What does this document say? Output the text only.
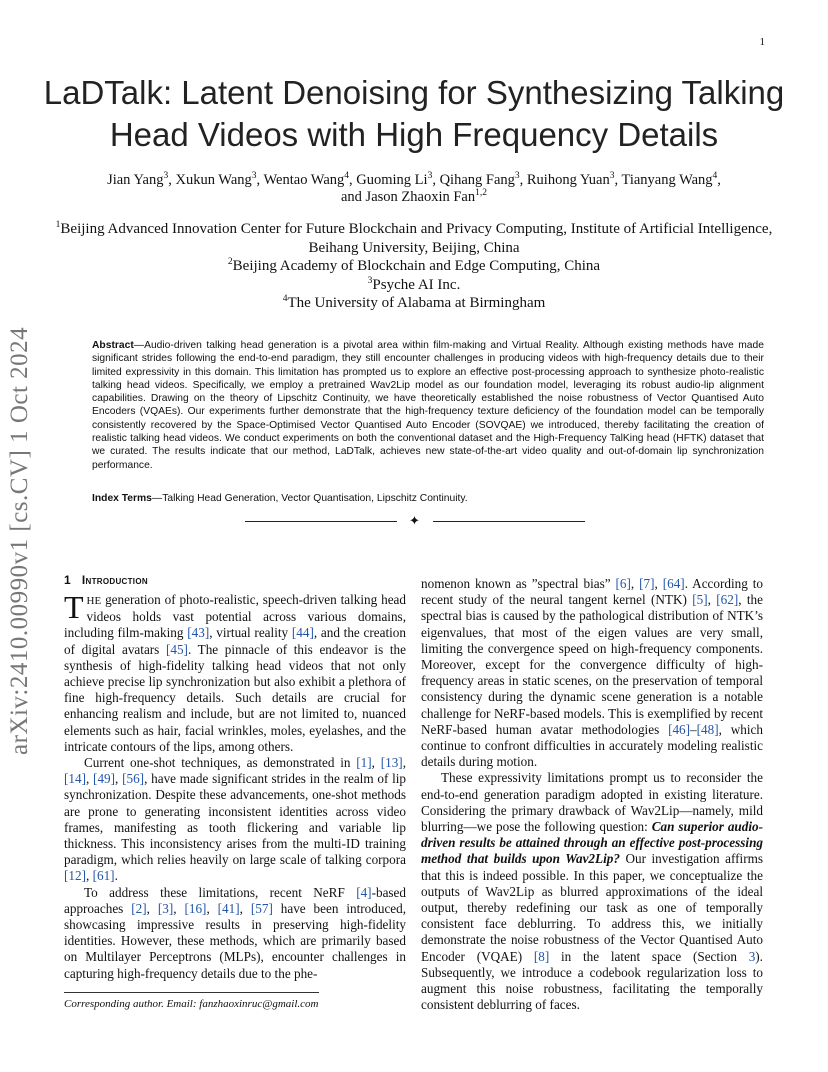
1
arXiv:2410.00990v1 [cs.CV] 1 Oct 2024
LaDTalk: Latent Denoising for Synthesizing Talking Head Videos with High Frequency Details
Jian Yang$^3$, Xukun Wang$^3$, Wentao Wang$^4$, Guoming Li$^3$, Qihang Fang$^3$, Ruihong Yuan$^3$, Tianyang Wang$^4$,
and Jason Zhaoxin Fan$^{1,2}$
$^1$Beijing Advanced Innovation Center for Future Blockchain and Privacy Computing, Institute of Artificial Intelligence, Beihang University, Beijing, China
$^2$Beijing Academy of Blockchain and Edge Computing, China
$^3$Psyche AI Inc.
$^4$The University of Alabama at Birmingham
Abstract—Audio-driven talking head generation is a pivotal area within film-making and Virtual Reality. Although existing methods have made significant strides following the end-to-end paradigm, they still encounter challenges in producing videos with high-frequency details due to their limited expressivity in this domain. This limitation has prompted us to explore an effective post-processing approach to synthesize photo-realistic talking head videos. Specifically, we employ a pretrained Wav2Lip model as our foundation model, leveraging its robust audio-lip alignment capabilities. Drawing on the theory of Lipschitz Continuity, we have theoretically established the noise robustness of Vector Quantised Auto Encoders (VQAEs). Our experiments further demonstrate that the high-frequency texture deficiency of the foundation model can be temporally consistently recovered by the Space-Optimised Vector Quantised Auto Encoder (SOVQAE) we introduced, thereby facilitating the creation of realistic talking head videos. We conduct experiments on both the conventional dataset and the High-Frequency TalKing head (HFTK) dataset that we curated. The results indicate that our method, LaDTalk, achieves new state-of-the-art video quality and out-of-domain lip synchronization performance.
Index Terms—Talking Head Generation, Vector Quantisation, Lipschitz Continuity.
✦
1 Introduction

THE generation of photo-realistic, speech-driven talking head videos holds vast potential across various domains, including film-making [43], virtual reality [44], and the creation of digital avatars [45]. The pinnacle of this endeavor is the synthesis of high-fidelity talking head videos that not only achieve precise lip synchronization but also exhibit a plethora of fine high-frequency details. Such details are crucial for enhancing realism and include, but are not limited to, nuanced elements such as hair, facial wrinkles, moles, eyelashes, and the intricate contours of the lips, among others.

Current one-shot techniques, as demonstrated in [1], [13], [14], [49], [56], have made significant strides in the realm of lip synchronization. Despite these advancements, one-shot methods are prone to generating inconsistent identities across video frames, manifesting as tooth flickering and variable lip thickness. This inconsistency arises from the multi-ID training paradigm, which relies heavily on large scale of talking corpora [12], [61].

To address these limitations, recent NeRF [4]-based approaches [2], [3], [16], [41], [57] have been introduced, showcasing impressive results in preserving high-fidelity identities. However, these methods, which are primarily based on Multilayer Perceptrons (MLPs), encounter challenges in capturing high-frequency details due to the phe-

nomenon known as ”spectral bias” [6], [7], [64]. According to recent study of the neural tangent kernel (NTK) [5], [62], the spectral bias is caused by the pathological distribution of NTK’s eigenvalues, that most of the eigen values are very small, limiting the convergence speed on high-frequency components. Moreover, except for the convergence difficulty of high-frequency areas in static scenes, on the preservation of temporal consistency during the dynamic scene generation is a notable challenge for NeRF-based models. This is exemplified by recent NeRF-based human avatar methodologies [46]–[48], which continue to confront difficulties in accurately modeling realistic details during motion.

These expressivity limitations prompt us to reconsider the end-to-end generation paradigm adopted in existing literature. Considering the primary drawback of Wav2Lip—namely, mild blurring—we pose the following question: Can superior audio-driven results be attained through an effective post-processing method that builds upon Wav2Lip? Our investigation affirms that this is indeed possible. In this paper, we conceptualize the outputs of Wav2Lip as blurred approximations of the ideal output, thereby redefining our task as one of temporally consistent face deblurring. To address this, we initially demonstrate the noise robustness of the Vector Quantised Auto Encoder (VQAE) [8] in the latent space (Section 3). Subsequently, we introduce a codebook regularization loss to augment this noise robustness, facilitating the temporally consistent deblurring of faces.

Corresponding author. Email: fanzhaoxinruc@gmail.com
